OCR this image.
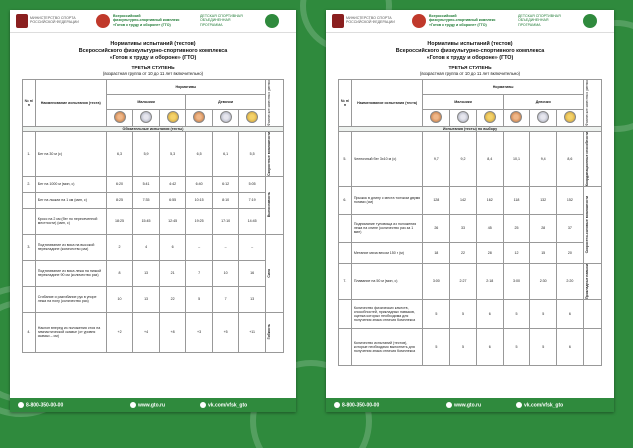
МИНИСТЕРСТВО СПОРТА
РОССИЙСКОЙ ФЕДЕРАЦИИ
Всероссийский
физкультурно-спортивный комплекс
«Готов к труду и обороне» (ГТО)
ДЕТСКАЯ СПОРТИВНАЯ
ОБЪЕДИНЕННАЯ
ПРОГРАММА
Нормативы испытаний (тестов)
Всероссийского физкультурно-спортивного комплекса
«Готов к труду и обороне» (ГТО)
ТРЕТЬЯ СТУПЕНЬ
(возрастная группа от 10 до 11 лет включительно)
№ п/п	Наименование испытания (теста)	Нормативы						Физические качества и умения

		Мальчики			Девочки			

Обязательные испытания (тесты)								
1.	Бег на 30 м (с)	6,3	5,9	5,3	6,5	6,1	5,5	Скоростные возможности

2.	Бег на 1000 м (мин, с)	6:20	5:41	4:42	6:40	6:12	5:05	Выносливость

	Бег на лыжах на 1 км (мин, с)	8:25	7:35	6:55	10:15	8:10	7:19	
	Кросс на 2 км (бег по пересеченной местности) (мин, с)	18:25	15:45	12:45	19:25	17:10	14:45	
3.	Подтягивание из виса на высокой перекладине (количество раз)	2	4	6	–	–	–	Сила

	Подтягивание из виса лежа на низкой перекладине 90 см (количество раз)	8	13	21	7	10	16	
	Сгибание и разгибание рук в упоре лежа на полу (количество раз)	10	13	22	5	7	13	
4.	Наклон вперед из положения стоя на гимнастической скамье (от уровня скамьи – см)	+2	+4	+8	+3	+5	+11	Гибкость
8-800-350-00-00	www.gto.ru	vk.com/vfsk_gto
МИНИСТЕРСТВО СПОРТА
РОССИЙСКОЙ ФЕДЕРАЦИИ
Всероссийский
физкультурно-спортивный комплекс
«Готов к труду и обороне» (ГТО)
ДЕТСКАЯ СПОРТИВНАЯ
ОБЪЕДИНЕННАЯ
ПРОГРАММА
Нормативы испытаний (тестов)
Всероссийского физкультурно-спортивного комплекса
«Готов к труду и обороне» (ГТО)
ТРЕТЬЯ СТУПЕНЬ
(возрастная группа от 10 до 11 лет включительно)
№ п/п	Наименование испытания (теста)	Нормативы						Физические качества и умения

		Мальчики			Девочки			

Испытания (тесты) по выбору								
5.	Челночный бег 3х10 м (с)	9,7	9,2	8,4	10,1	9,4	8,6	Координационные способности

6.	Прыжок в длину с места толчком двумя ногами (см)	128	142	162	118	132	152	Скоростно-силовые возможности

	Поднимание туловища из положения лежа на спине (количество раз за 1 мин)	26	33	45	25	28	37	
	Метание мяча весом 150 г (м)	18	22	28	12	15	20	
7.	Плавание на 50 м (мин, с)	3:00	2:27	2:18	3:00	2:30	2:20	Прикладные навыки

	Количество физических качеств, способностей, прикладных навыков, оценка которых необходима для получения знака отличия Комплекса	5	5	6	5	5	6	

	Количество испытаний (тестов), которые необходимо выполнить для получения знака отличия Комплекса	5	5	6	5	5	6	
8-800-350-00-00	www.gto.ru	vk.com/vfsk_gto
